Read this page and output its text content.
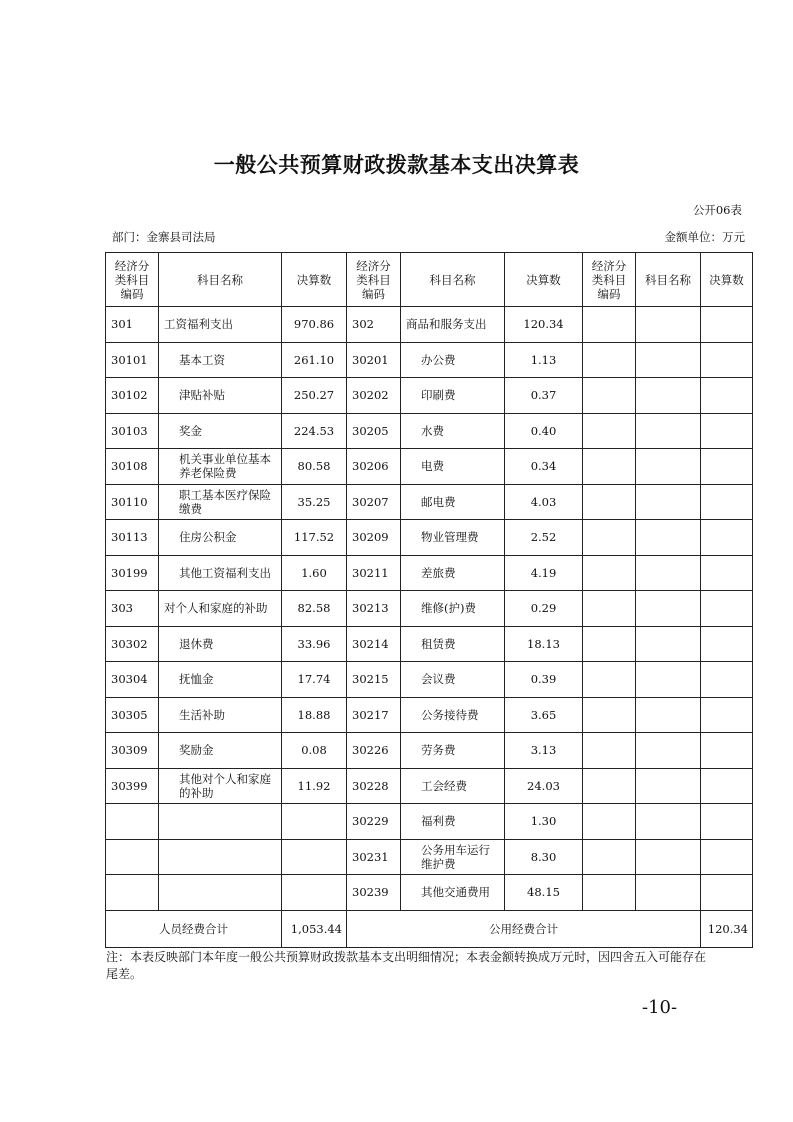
一般公共预算财政拨款基本支出决算表
公开06表
部门：金寨县司法局	金额单位：万元
经济分类科目编码	科目名称	决算数	经济分类科目编码	科目名称	决算数	经济分类科目编码	科目名称	决算数
301	工资福利支出	970.86	302	商品和服务支出	120.34			
30101	基本工资	261.10	30201	办公费	1.13			
30102	津贴补贴	250.27	30202	印刷费	0.37			
30103	奖金	224.53	30205	水费	0.40			
30108	机关事业单位基本养老保险费	80.58	30206	电费	0.34			
30110	职工基本医疗保险缴费	35.25	30207	邮电费	4.03			
30113	住房公积金	117.52	30209	物业管理费	2.52			
30199	其他工资福利支出	1.60	30211	差旅费	4.19			
303	对个人和家庭的补助	82.58	30213	维修(护)费	0.29			
30302	退休费	33.96	30214	租赁费	18.13			
30304	抚恤金	17.74	30215	会议费	0.39			
30305	生活补助	18.88	30217	公务接待费	3.65			
30309	奖励金	0.08	30226	劳务费	3.13			
30399	其他对个人和家庭的补助	11.92	30228	工会经费	24.03			
			30229	福利费	1.30			
			30231	公务用车运行维护费	8.30			
			30239	其他交通费用	48.15			
人员经费合计		1,053.44	公用经费合计					120.34
注：本表反映部门本年度一般公共预算财政拨款基本支出明细情况；本表金额转换成万元时，因四舍五入可能存在尾差。
-10-
